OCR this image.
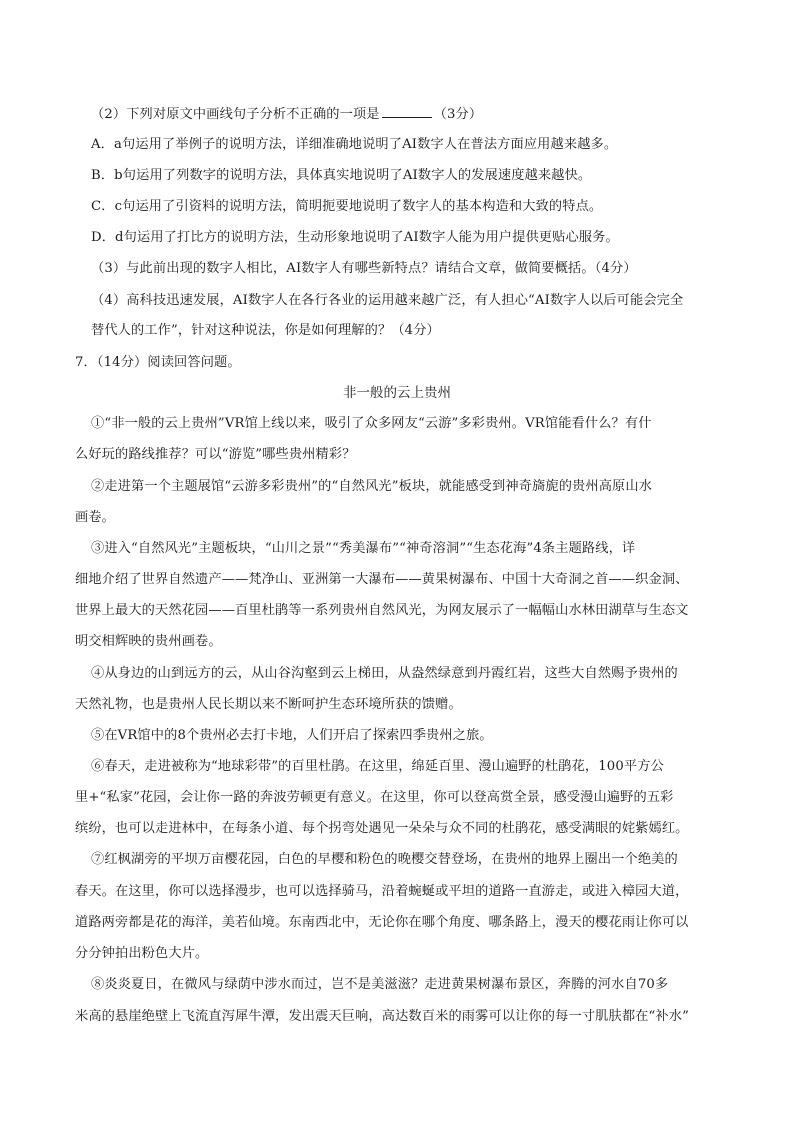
（2）下列对原文中画线句子分析不正确的一项是	（3分）
A．a句运用了举例子的说明方法，详细准确地说明了AI数字人在普法方面应用越来越多。
B．b句运用了列数字的说明方法，具体真实地说明了AI数字人的发展速度越来越快。
C．c句运用了引资料的说明方法，简明扼要地说明了数字人的基本构造和大致的特点。
D．d句运用了打比方的说明方法，生动形象地说明了AI数字人能为用户提供更贴心服务。
（3）与此前出现的数字人相比，AI数字人有哪些新特点？请结合文章，做简要概括。（4分）
（4）高科技迅速发展，AI数字人在各行各业的运用越来越广泛，有人担心“AI数字人以后可能会完全
替代人的工作”，针对这种说法，你是如何理解的？（4分）
7．（14分）阅读回答问题。
非一般的云上贵州
①“非一般的云上贵州”VR馆上线以来，吸引了众多网友“云游”多彩贵州。VR馆能看什么？有什
么好玩的路线推荐？可以“游览”哪些贵州精彩？
②走进第一个主题展馆“云游多彩贵州”的“自然风光”板块，就能感受到神奇旖旎的贵州高原山水
画卷。
③进入“自然风光”主题板块，“山川之景”“秀美瀑布”“神奇溶洞”“生态花海”4条主题路线，详
细地介绍了世界自然遗产——梵净山、亚洲第一大瀑布——黄果树瀑布、中国十大奇洞之首——织金洞、
世界上最大的天然花园——百里杜鹃等一系列贵州自然风光，为网友展示了一幅幅山水林田湖草与生态文
明交相辉映的贵州画卷。
④从身边的山到远方的云，从山谷沟壑到云上梯田，从盎然绿意到丹霞红岩，这些大自然赐予贵州的
天然礼物，也是贵州人民长期以来不断呵护生态环境所获的馈赠。
⑤在VR馆中的8个贵州必去打卡地，人们开启了探索四季贵州之旅。
⑥春天，走进被称为“地球彩带”的百里杜鹃。在这里，绵延百里、漫山遍野的杜鹃花，100平方公
里+“私家”花园，会让你一路的奔波劳顿更有意义。在这里，你可以登高赏全景，感受漫山遍野的五彩
缤纷，也可以走进林中，在每条小道、每个拐弯处遇见一朵朵与众不同的杜鹃花，感受满眼的姹紫嫣红。
⑦红枫湖旁的平坝万亩樱花园，白色的早樱和粉色的晚樱交替登场，在贵州的地界上圈出一个绝美的
春天。在这里，你可以选择漫步，也可以选择骑马，沿着蜿蜒或平坦的道路一直游走，或进入樟园大道，
道路两旁都是花的海洋，美若仙境。东南西北中，无论你在哪个角度、哪条路上，漫天的樱花雨让你可以
分分钟拍出粉色大片。
⑧炎炎夏日，在微风与绿荫中涉水而过，岂不是美滋滋？走进黄果树瀑布景区，奔腾的河水自70多
米高的悬崖绝壁上飞流直泻犀牛潭，发出震天巨响，高达数百米的雨雾可以让你的每一寸肌肤都在“补水”
